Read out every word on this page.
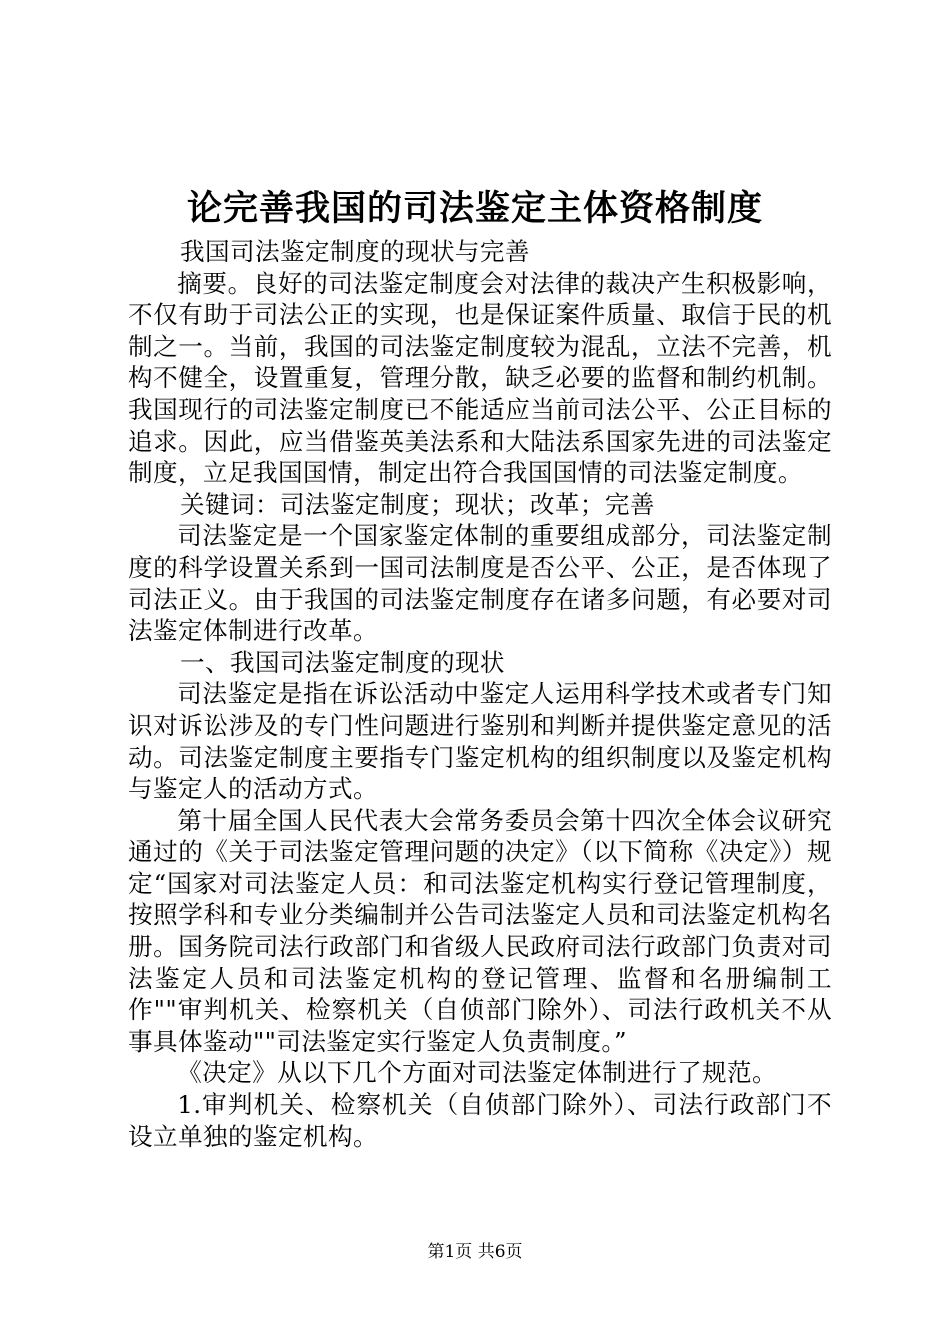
论完善我国的司法鉴定主体资格制度

我国司法鉴定制度的现状与完善

摘要。良好的司法鉴定制度会对法律的裁决产生积极影响，不仅有助于司法公正的实现，也是保证案件质量、取信于民的机制之一。当前，我国的司法鉴定制度较为混乱，立法不完善，机构不健全，设置重复，管理分散，缺乏必要的监督和制约机制。我国现行的司法鉴定制度已不能适应当前司法公平、公正目标的追求。因此，应当借鉴英美法系和大陆法系国家先进的司法鉴定制度，立足我国国情，制定出符合我国国情的司法鉴定制度。

关键词：司法鉴定制度；现状；改革；完善

司法鉴定是一个国家鉴定体制的重要组成部分，司法鉴定制度的科学设置关系到一国司法制度是否公平、公正，是否体现了司法正义。由于我国的司法鉴定制度存在诸多问题，有必要对司法鉴定体制进行改革。

一、我国司法鉴定制度的现状

司法鉴定是指在诉讼活动中鉴定人运用科学技术或者专门知识对诉讼涉及的专门性问题进行鉴别和判断并提供鉴定意见的活动。司法鉴定制度主要指专门鉴定机构的组织制度以及鉴定机构与鉴定人的活动方式。

第十届全国人民代表大会常务委员会第十四次全体会议研究通过的《关于司法鉴定管理问题的决定》（以下简称《决定》）规定“国家对司法鉴定人员：和司法鉴定机构实行登记管理制度，按照学科和专业分类编制并公告司法鉴定人员和司法鉴定机构名册。国务院司法行政部门和省级人民政府司法行政部门负责对司法鉴定人员和司法鉴定机构的登记管理、监督和名册编制工作""审判机关、检察机关（自侦部门除外）、司法行政机关不从事具体鉴动""司法鉴定实行鉴定人负责制度。”

《决定》从以下几个方面对司法鉴定体制进行了规范。

1.审判机关、检察机关（自侦部门除外）、司法行政部门不设立单独的鉴定机构。

第1页 共6页
